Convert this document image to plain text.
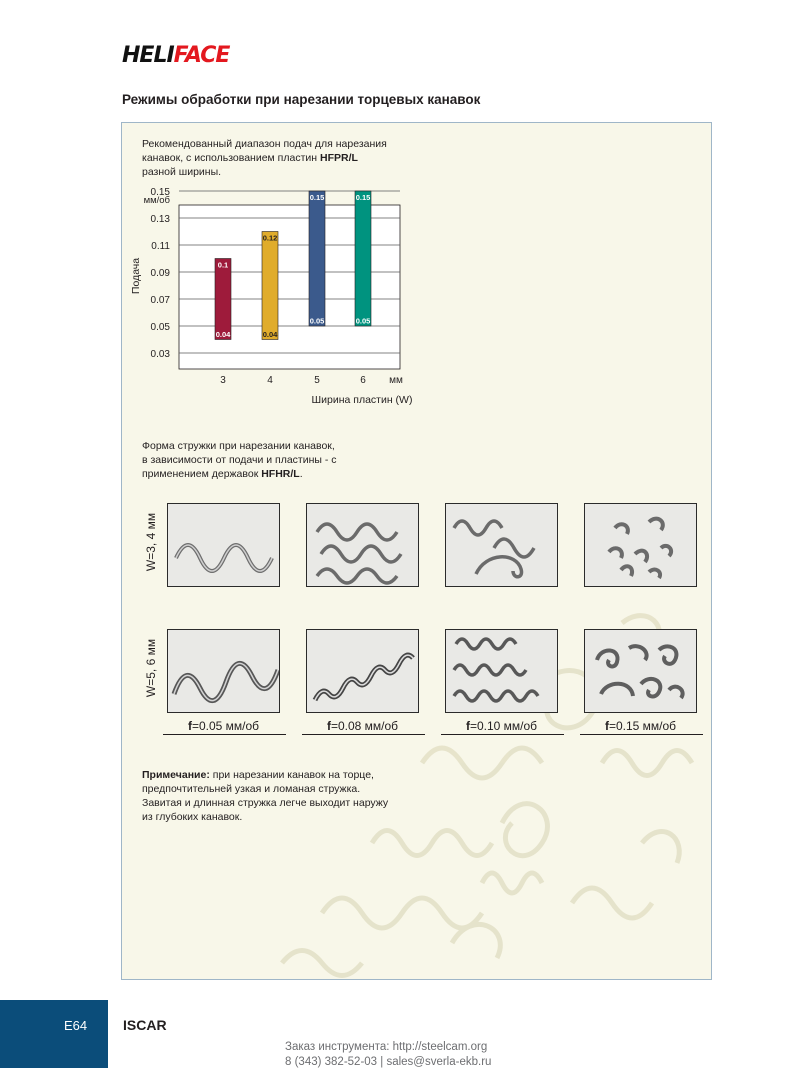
HELIFACE
Режимы обработки при нарезании торцевых канавок
Рекомендованный диапазон подач для нарезания
канавок, с использованием пластин HFPR/L
разной ширины.
0.03
0.05
0.07
0.09
0.11
0.13
0.15
мм/об
Подача	0.1
0.04
3
0.12
0.04
4
0.15
0.05
5
0.15
0.05
6 мм
Ширина пластин (W)
Форма стружки при нарезании канавок,
в зависимости от подачи и пластины - с
применением державок HFHR/L.
W=3, 4 мм
W=5, 6 мм
f=0.05 мм/об	f=0.08 мм/об	f=0.10 мм/об	f=0.15 мм/об
Примечание: при нарезании канавок на торце,
предпочтительней узкая и ломаная стружка.
Завитая и длинная стружка легче выходит наружу
из глубоких канавок.
E64	ISCAR
Заказ инструмента: http://steelcam.org
8 (343) 382-52-03 | sales@sverla-ekb.ru
